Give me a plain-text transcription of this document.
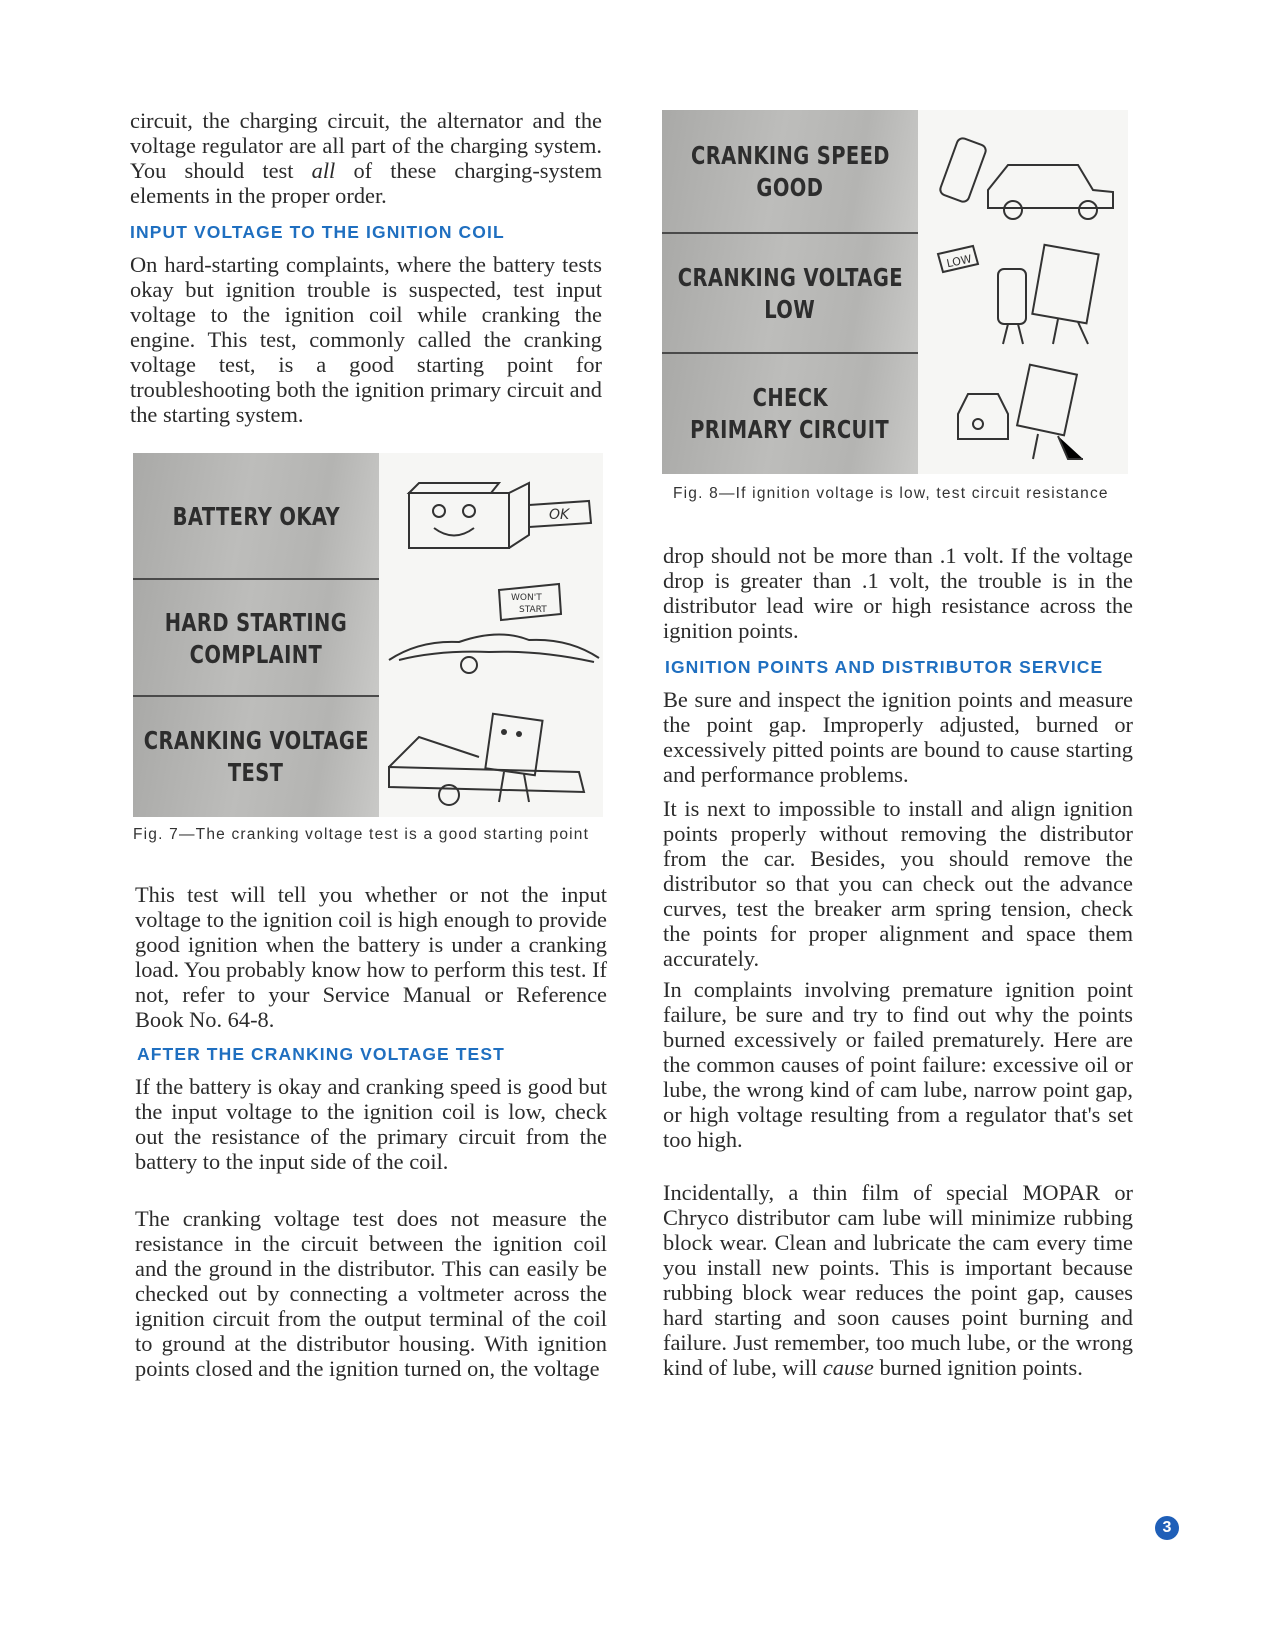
circuit, the charging circuit, the alternator and the voltage regulator are all part of the charging system. You should test all of these charging-system elements in the proper order.

INPUT VOLTAGE TO THE IGNITION COIL

On hard-starting complaints, where the battery tests okay but ignition trouble is suspected, test input voltage to the ignition coil while cranking the engine. This test, commonly called the cranking voltage test, is a good starting point for troubleshooting both the ignition primary circuit and the starting system.

BATTERY OKAY	OK
HARD STARTING
COMPLAINT
WON'T
START
CRANKING VOLTAGE
TEST

Fig. 7—The cranking voltage test is a good starting point

This test will tell you whether or not the input voltage to the ignition coil is high enough to provide good ignition when the battery is under a cranking load. You probably know how to perform this test. If not, refer to your Service Manual or Reference Book No. 64-8.

AFTER THE CRANKING VOLTAGE TEST

If the battery is okay and cranking speed is good but the input voltage to the ignition coil is low, check out the resistance of the primary circuit from the battery to the input side of the coil.

The cranking voltage test does not measure the resistance in the circuit between the ignition coil and the ground in the distributor. This can easily be checked out by connecting a voltmeter across the ignition circuit from the output terminal of the coil to ground at the distributor housing. With ignition points closed and the ignition turned on, the voltage

CRANKING SPEED
GOOD
CRANKING VOLTAGE
LOW
LOW
CHECK
PRIMARY CIRCUIT

Fig. 8—If ignition voltage is low, test circuit resistance

drop should not be more than .1 volt. If the voltage drop is greater than .1 volt, the trouble is in the distributor lead wire or high resistance across the ignition points.

IGNITION POINTS AND DISTRIBUTOR SERVICE

Be sure and inspect the ignition points and measure the point gap. Improperly adjusted, burned or excessively pitted points are bound to cause starting and performance problems.

It is next to impossible to install and align ignition points properly without removing the distributor from the car. Besides, you should remove the distributor so that you can check out the advance curves, test the breaker arm spring tension, check the points for proper alignment and space them accurately.

In complaints involving premature ignition point failure, be sure and try to find out why the points burned excessively or failed prematurely. Here are the common causes of point failure: excessive oil or lube, the wrong kind of cam lube, narrow point gap, or high voltage resulting from a regulator that's set too high.

Incidentally, a thin film of special MOPAR or Chryco distributor cam lube will minimize rubbing block wear. Clean and lubricate the cam every time you install new points. This is important because rubbing block wear reduces the point gap, causes hard starting and soon causes point burning and failure. Just remember, too much lube, or the wrong kind of lube, will cause burned ignition points.

3
